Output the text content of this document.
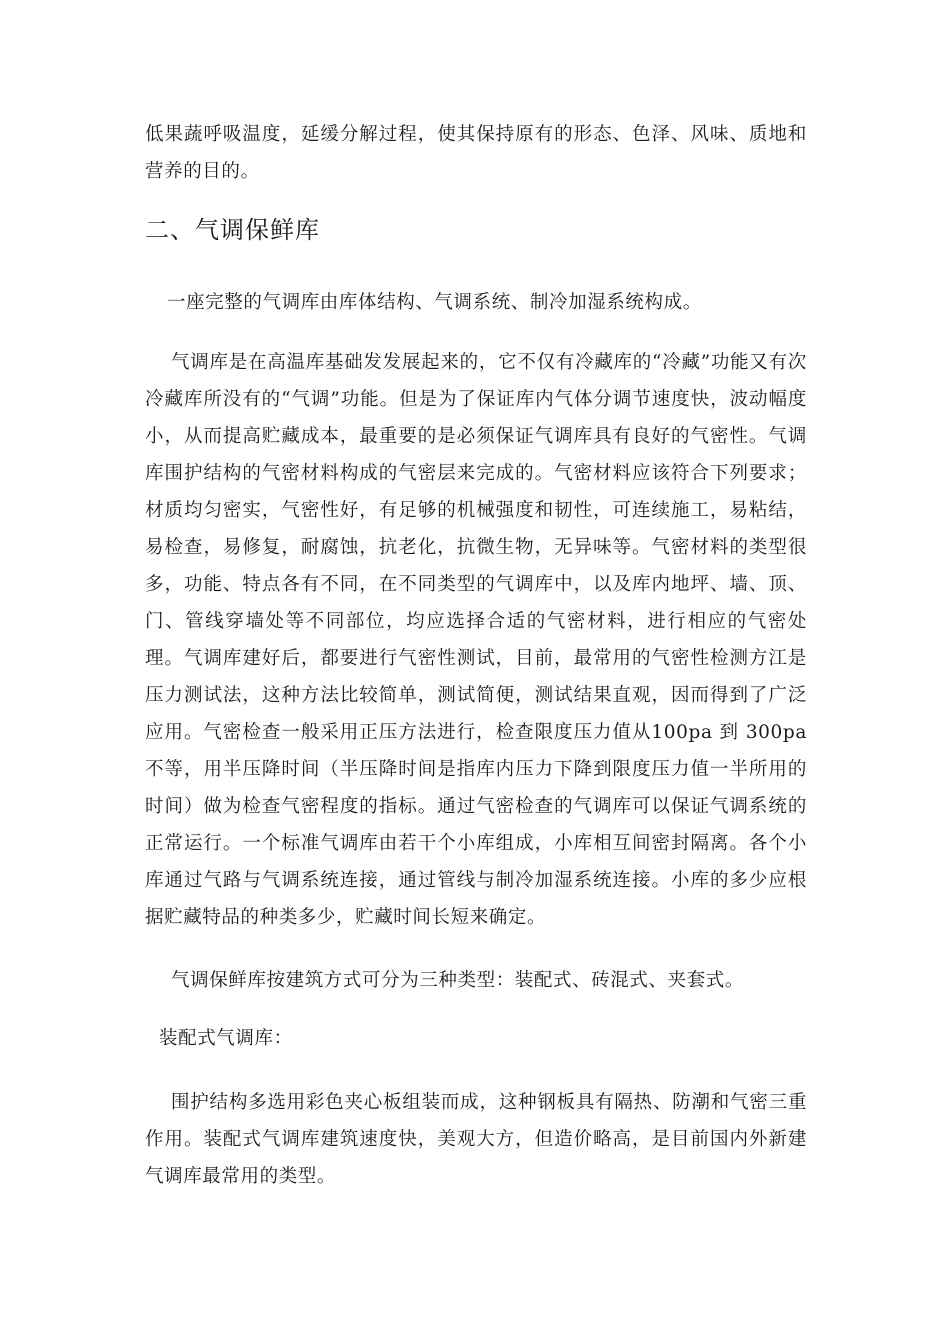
低果蔬呼吸温度，延缓分解过程，使其保持原有的形态、色泽、风味、质地和营养的目的。

二、气调保鲜库

一座完整的气调库由库体结构、气调系统、制冷加湿系统构成。

气调库是在高温库基础发发展起来的，它不仅有冷藏库的“冷藏”功能又有次冷藏库所没有的“气调”功能。但是为了保证库内气体分调节速度快，波动幅度小，从而提高贮藏成本，最重要的是必须保证气调库具有良好的气密性。气调库围护结构的气密材料构成的气密层来完成的。气密材料应该符合下列要求；材质均匀密实，气密性好，有足够的机械强度和韧性，可连续施工，易粘结，易检查，易修复，耐腐蚀，抗老化，抗微生物，无异味等。气密材料的类型很多，功能、特点各有不同，在不同类型的气调库中，以及库内地坪、墙、顶、门、管线穿墙处等不同部位，均应选择合适的气密材料，进行相应的气密处理。气调库建好后，都要进行气密性测试，目前，最常用的气密性检测方江是压力测试法，这种方法比较简单，测试简便，测试结果直观，因而得到了广泛应用。气密检查一般采用正压方法进行，检查限度压力值从100pa 到 300pa 不等，用半压降时间（半压降时间是指库内压力下降到限度压力值一半所用的时间）做为检查气密程度的指标。通过气密检查的气调库可以保证气调系统的正常运行。一个标准气调库由若干个小库组成，小库相互间密封隔离。各个小库通过气路与气调系统连接，通过管线与制冷加湿系统连接。小库的多少应根据贮藏特品的种类多少，贮藏时间长短来确定。

气调保鲜库按建筑方式可分为三种类型：装配式、砖混式、夹套式。

装配式气调库：

围护结构多选用彩色夹心板组装而成，这种钢板具有隔热、防潮和气密三重作用。装配式气调库建筑速度快，美观大方，但造价略高，是目前国内外新建气调库最常用的类型。
